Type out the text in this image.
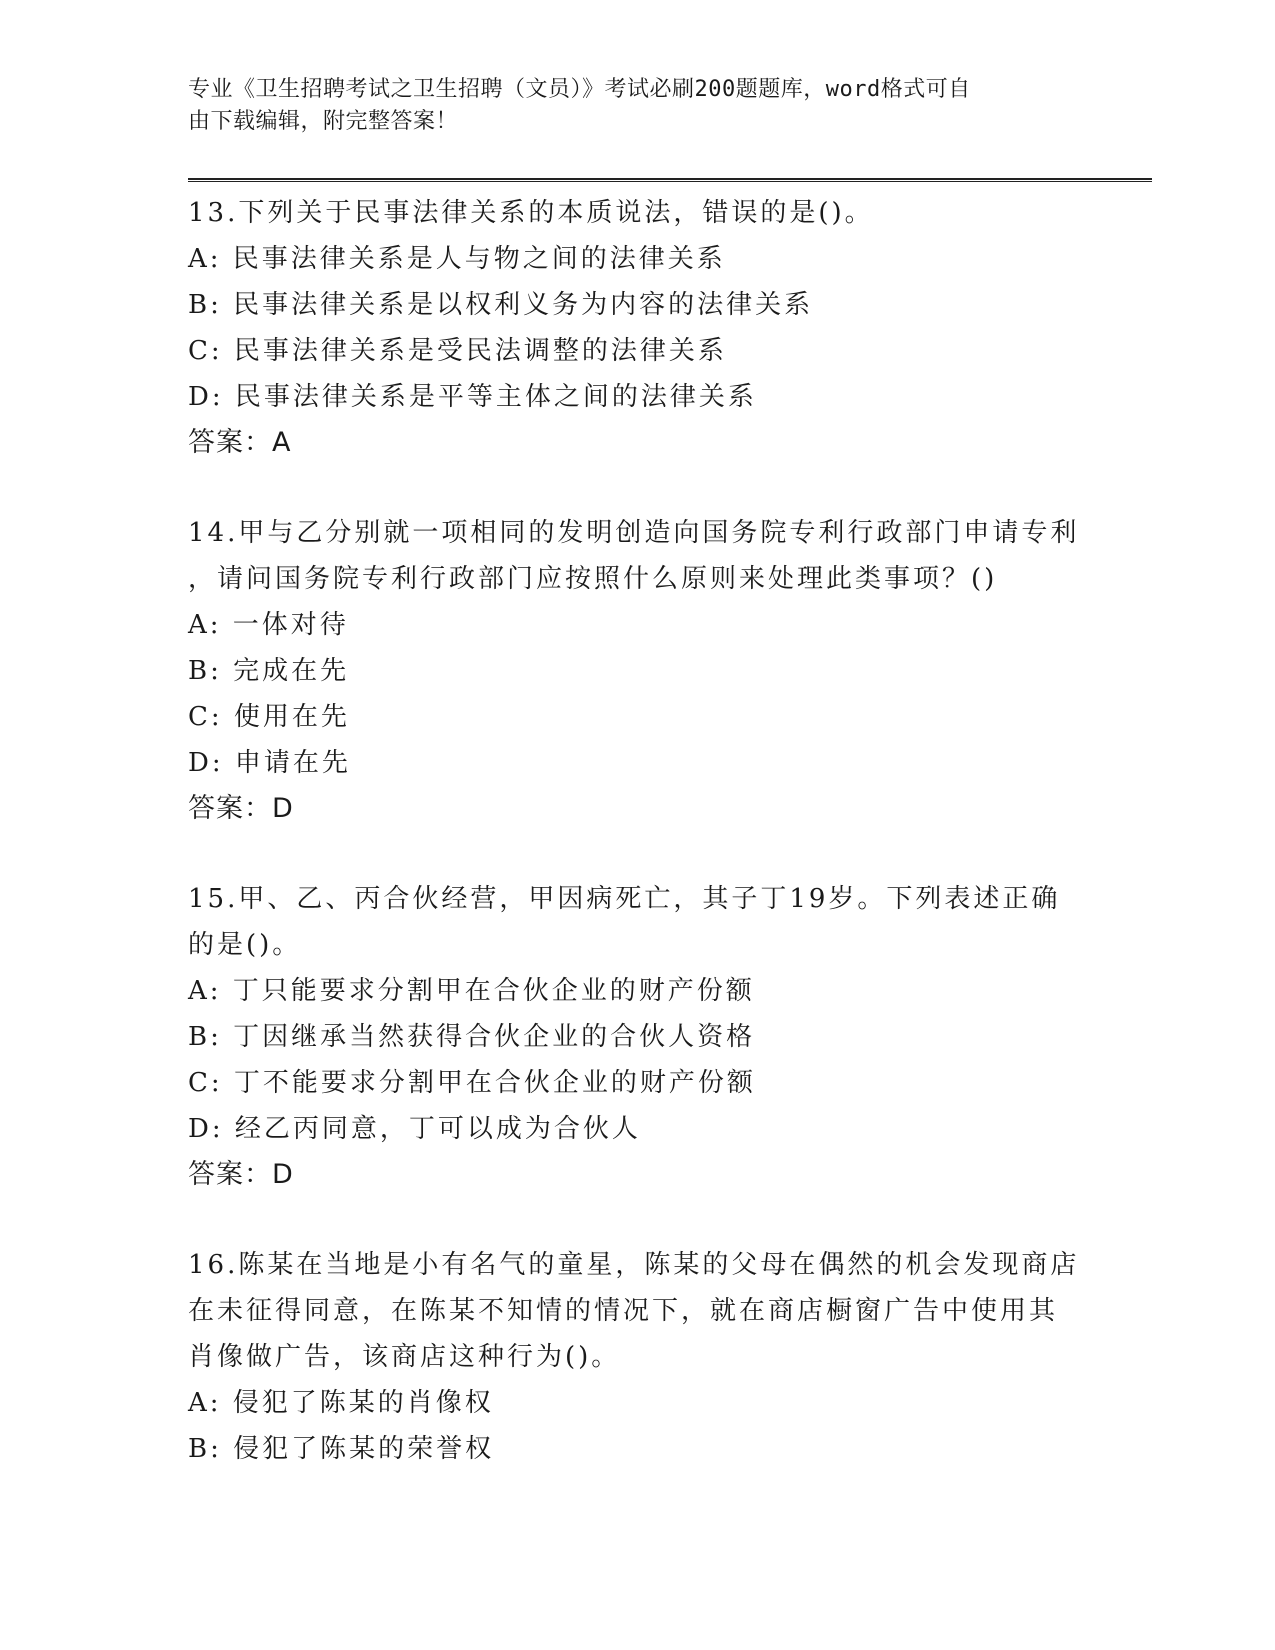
专业《卫生招聘考试之卫生招聘（文员）》考试必刷200题题库，word格式可自
由下载编辑，附完整答案！
13.下列关于民事法律关系的本质说法，错误的是()。
A: 民事法律关系是人与物之间的法律关系
B: 民事法律关系是以权利义务为内容的法律关系
C: 民事法律关系是受民法调整的法律关系
D: 民事法律关系是平等主体之间的法律关系
答案：A
14.甲与乙分别就一项相同的发明创造向国务院专利行政部门申请专利
，请问国务院专利行政部门应按照什么原则来处理此类事项？()
A: 一体对待
B: 完成在先
C: 使用在先
D: 申请在先
答案：D
15.甲、乙、丙合伙经营，甲因病死亡，其子丁19岁。下列表述正确
的是()。
A: 丁只能要求分割甲在合伙企业的财产份额
B: 丁因继承当然获得合伙企业的合伙人资格
C: 丁不能要求分割甲在合伙企业的财产份额
D: 经乙丙同意，丁可以成为合伙人
答案：D
16.陈某在当地是小有名气的童星，陈某的父母在偶然的机会发现商店
在未征得同意，在陈某不知情的情况下，就在商店橱窗广告中使用其
肖像做广告，该商店这种行为()。
A: 侵犯了陈某的肖像权
B: 侵犯了陈某的荣誉权
